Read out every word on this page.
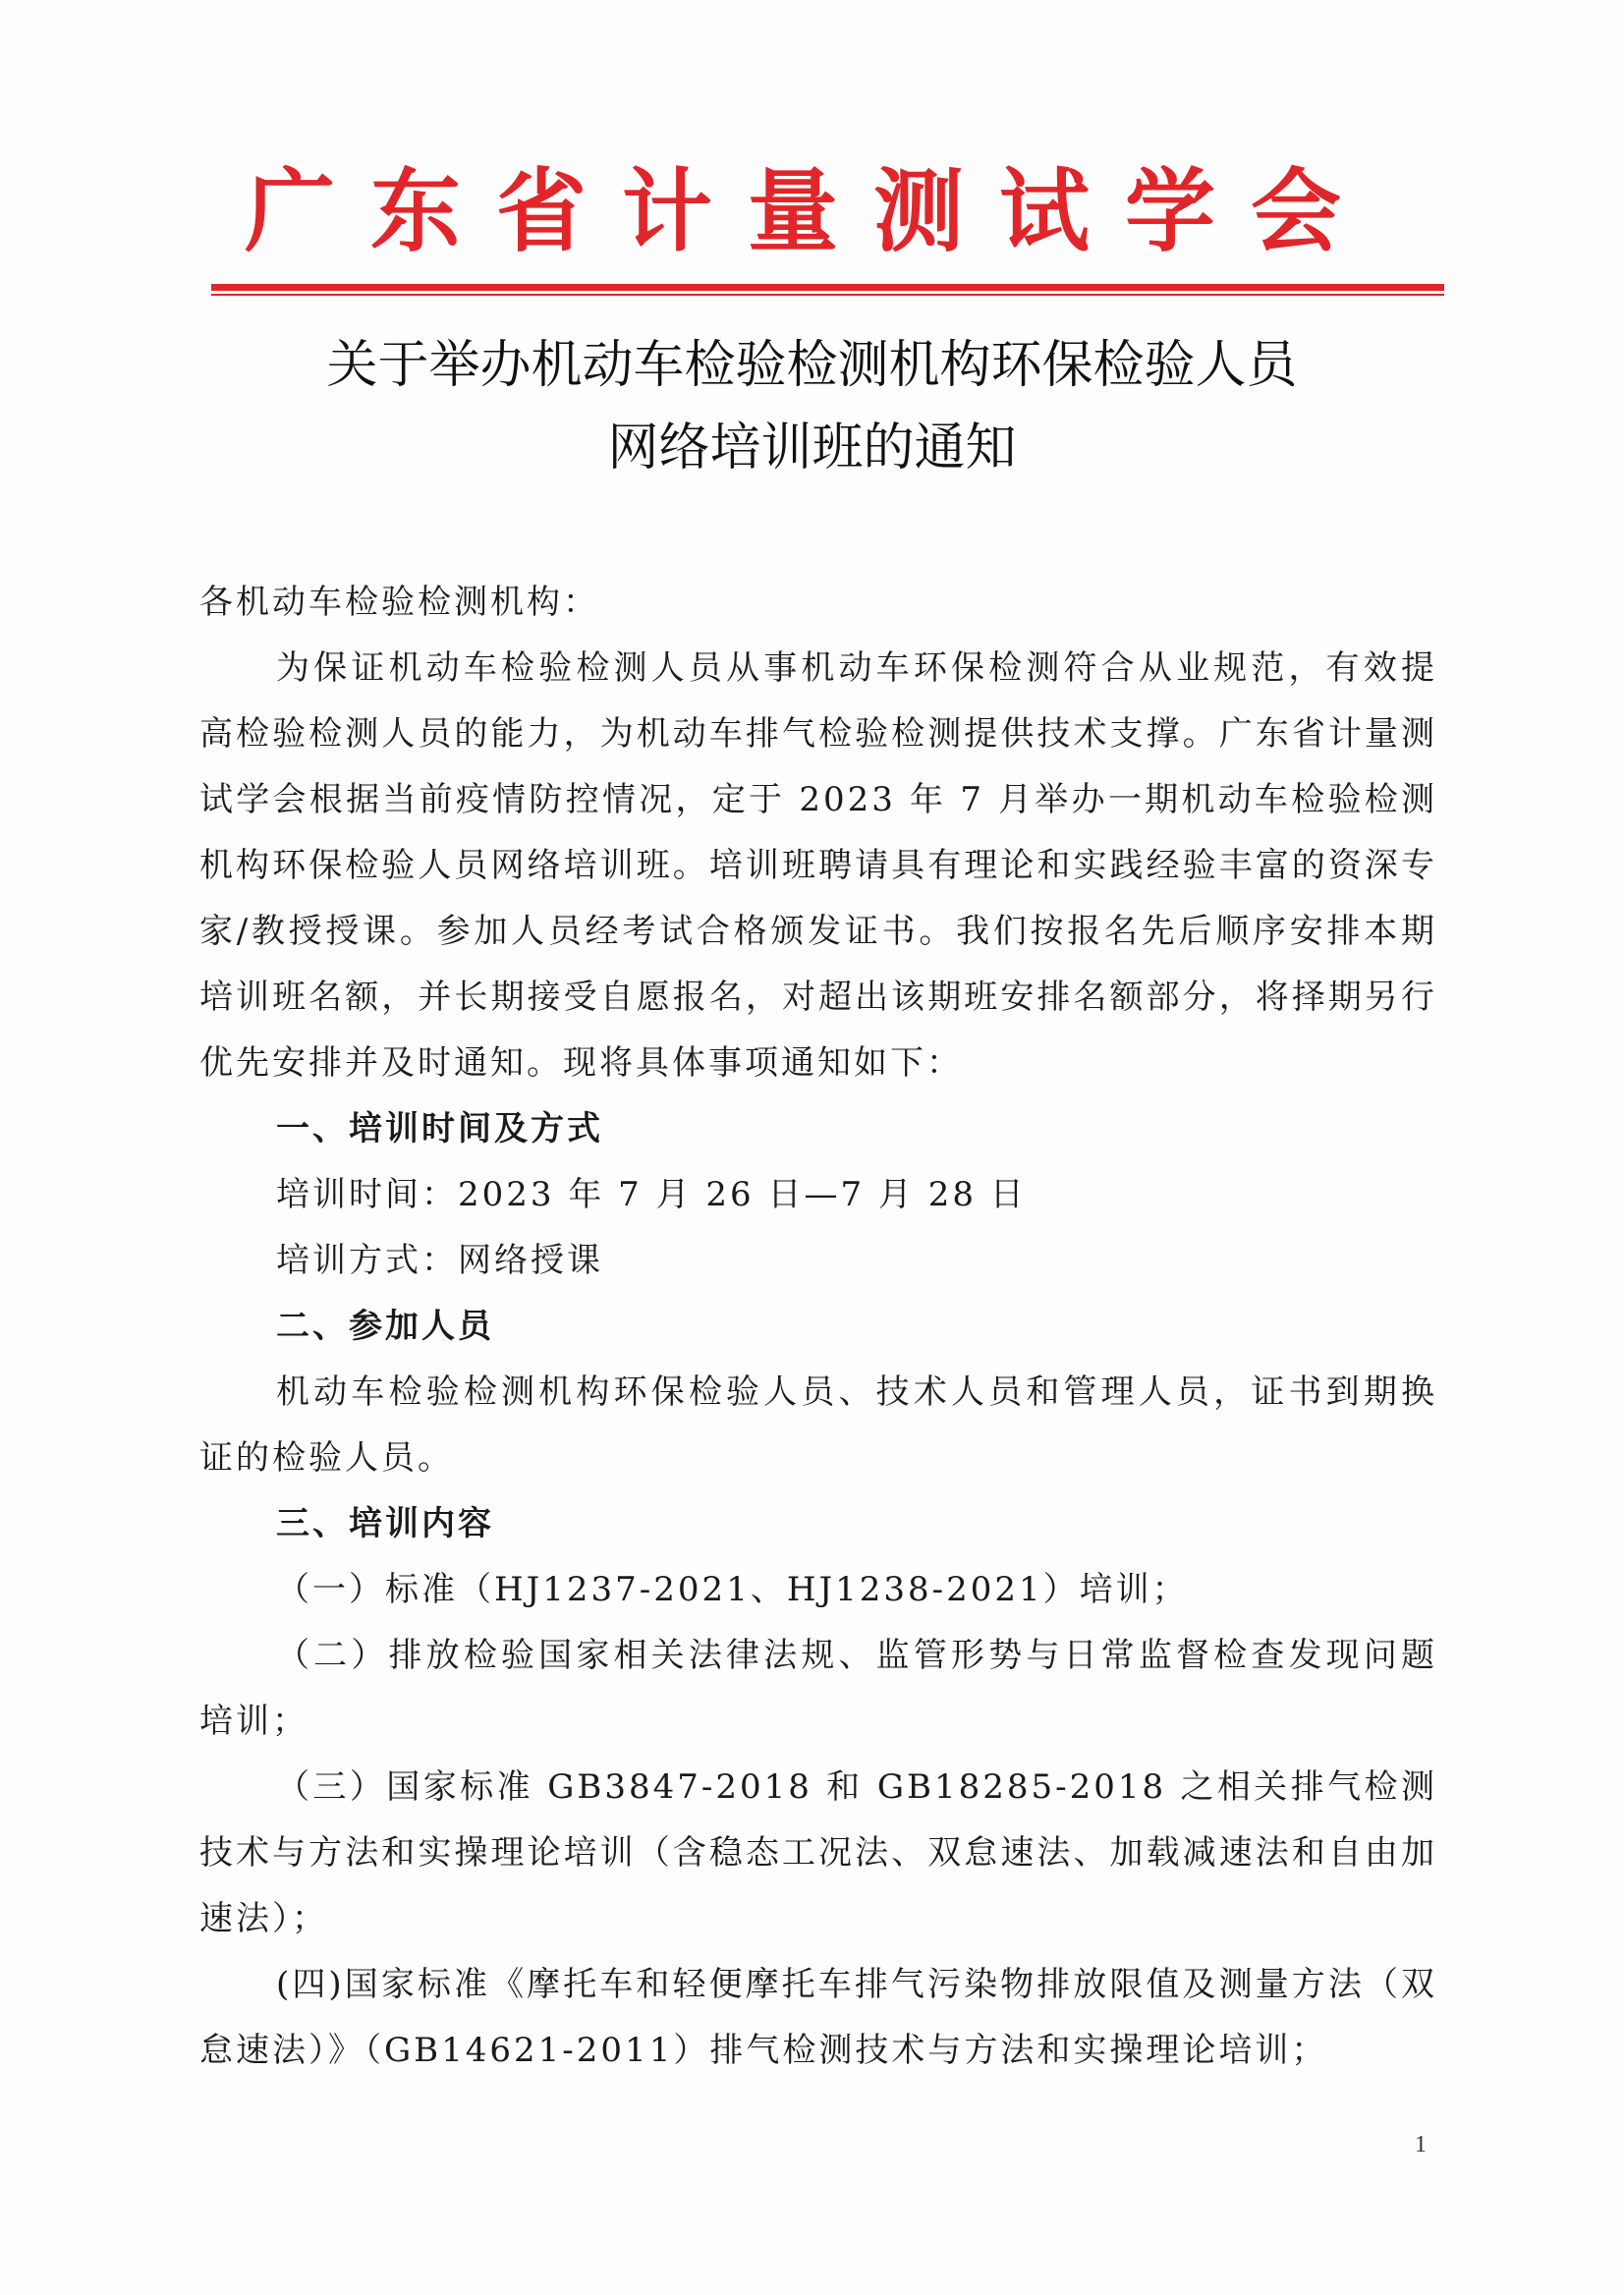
广东省计量测试学会
关于举办机动车检验检测机构环保检验人员
网络培训班的通知

各机动车检验检测机构：

为保证机动车检验检测人员从事机动车环保检测符合从业规范，有效提高检验检测人员的能力，为机动车排气检验检测提供技术支撑。广东省计量测试学会根据当前疫情防控情况，定于 2023 年 7 月举办一期机动车检验检测机构环保检验人员网络培训班。培训班聘请具有理论和实践经验丰富的资深专家/教授授课。参加人员经考试合格颁发证书。我们按报名先后顺序安排本期培训班名额，并长期接受自愿报名，对超出该期班安排名额部分，将择期另行优先安排并及时通知。现将具体事项通知如下：

一、培训时间及方式

培训时间：2023 年 7 月 26 日—7 月 28 日

培训方式：网络授课

二、参加人员

机动车检验检测机构环保检验人员、技术人员和管理人员，证书到期换证的检验人员。

三、培训内容

（一）标准（HJ1237-2021、HJ1238-2021）培训；

（二）排放检验国家相关法律法规、监管形势与日常监督检查发现问题培训；

（三）国家标准 GB3847-2018 和 GB18285-2018 之相关排气检测技术与方法和实操理论培训（含稳态工况法、双怠速法、加载减速法和自由加速法）；

(四)国家标准《摩托车和轻便摩托车排气污染物排放限值及测量方法（双怠速法）》（GB14621-2011）排气检测技术与方法和实操理论培训；

1
